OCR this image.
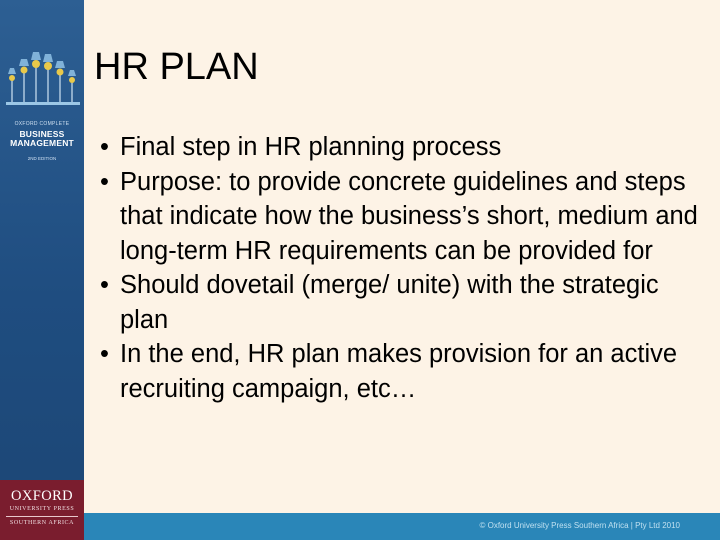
OXFORD COMPLETE
BUSINESS
MANAGEMENT
2ND EDITION
OXFORD
UNIVERSITY PRESS
SOUTHERN AFRICA
HR PLAN
• Final step in HR planning process
• Purpose: to provide concrete guidelines and steps that indicate how the business’s short, medium and long-term HR requirements can be provided for
• Should dovetail (merge/ unite) with the strategic plan
• In the end, HR plan makes provision for an active recruiting campaign, etc…
© Oxford University Press Southern Africa | Pty Ltd 2010
